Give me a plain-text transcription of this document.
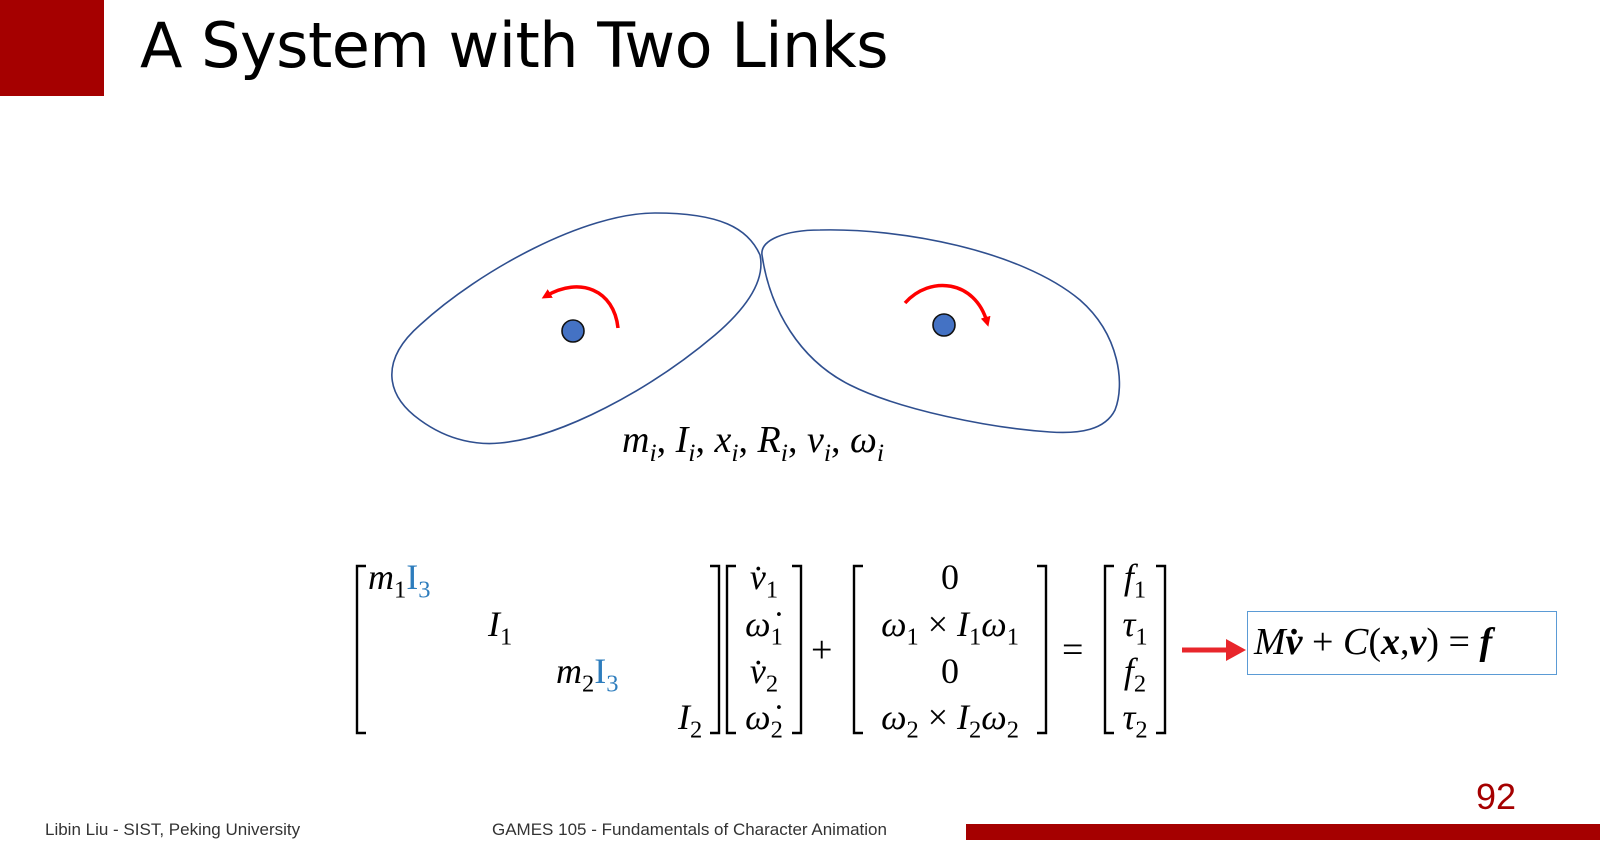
A System with Two Links
$m_i$, $I_i$, $x_i$, $R_i$, $v_i$, $\omega_i$
$m_1I_3$
$I_1$
$m_2I_3$
$I_2$
$v̇_1$
$\omegȧ_1$
$v̇_2$
$\omegȧ_2$
+
0
$\omega_1 \times I_1\omega_1$
0
$\omega_2 \times I_2\omega_2$
=
$f_1$
$\tau_1$
$f_2$
$\tau_2$
Mv̇ + C(x,v) = f
92
Libin Liu - SIST, Peking University	GAMES 105 - Fundamentals of Character Animation
